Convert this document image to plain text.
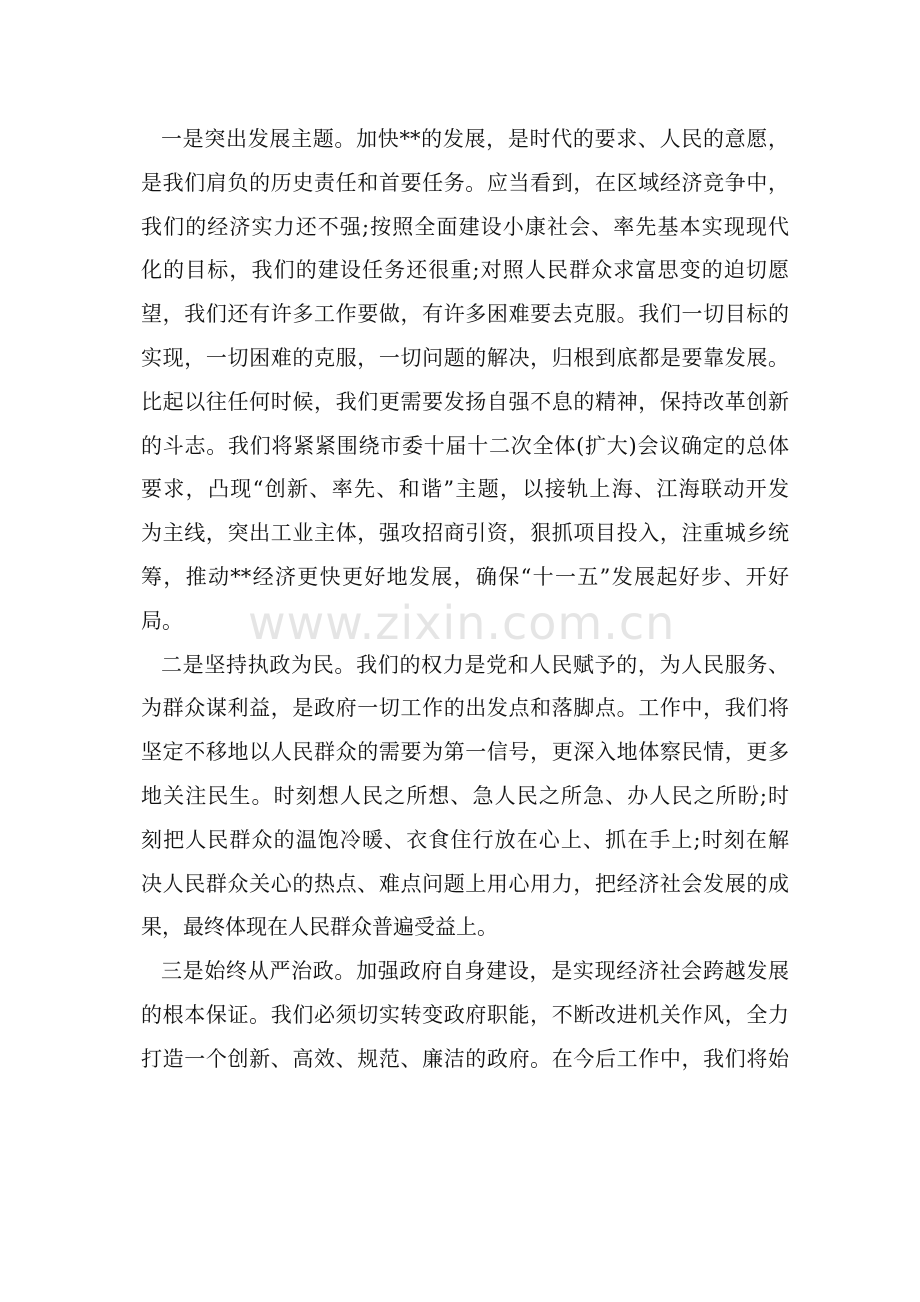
一是突出发展主题。加快**的发展，是时代的要求、人民的意愿，
是我们肩负的历史责任和首要任务。应当看到，在区域经济竞争中，
我们的经济实力还不强;按照全面建设小康社会、率先基本实现现代
化的目标，我们的建设任务还很重;对照人民群众求富思变的迫切愿
望，我们还有许多工作要做，有许多困难要去克服。我们一切目标的
实现，一切困难的克服，一切问题的解决，归根到底都是要靠发展。
比起以往任何时候，我们更需要发扬自强不息的精神，保持改革创新
的斗志。我们将紧紧围绕市委十届十二次全体(扩大)会议确定的总体
要求，凸现“创新、率先、和谐”主题，以接轨上海、江海联动开发
为主线，突出工业主体，强攻招商引资，狠抓项目投入，注重城乡统
筹，推动**经济更快更好地发展，确保“十一五”发展起好步、开好
局。
二是坚持执政为民。我们的权力是党和人民赋予的，为人民服务、
为群众谋利益，是政府一切工作的出发点和落脚点。工作中，我们将
坚定不移地以人民群众的需要为第一信号，更深入地体察民情，更多
地关注民生。时刻想人民之所想、急人民之所急、办人民之所盼;时
刻把人民群众的温饱冷暖、衣食住行放在心上、抓在手上;时刻在解
决人民群众关心的热点、难点问题上用心用力，把经济社会发展的成
果，最终体现在人民群众普遍受益上。
三是始终从严治政。加强政府自身建设，是实现经济社会跨越发展
的根本保证。我们必须切实转变政府职能，不断改进机关作风，全力
打造一个创新、高效、规范、廉洁的政府。在今后工作中，我们将始
www.zixin.com.cn
